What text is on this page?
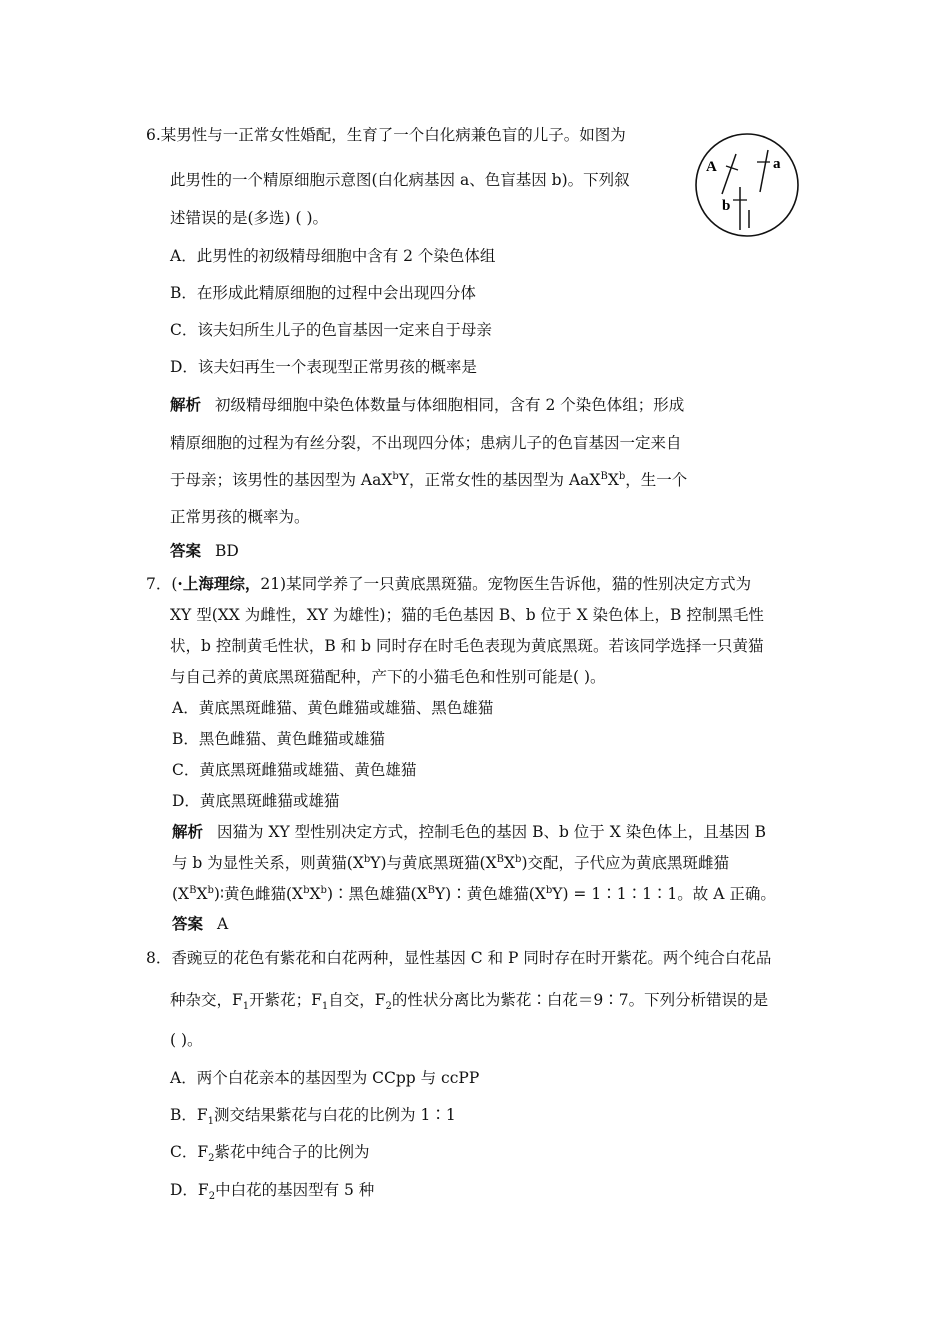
6.某男性与一正常女性婚配，生育了一个白化病兼色盲的儿子。如图为
此男性的一个精原细胞示意图(白化病基因 a、色盲基因 b)。下列叙
述错误的是(多选) ( )。
A	a
b
A．此男性的初级精母细胞中含有 2 个染色体组
B．在形成此精原细胞的过程中会出现四分体
C．该夫妇所生儿子的色盲基因一定来自于母亲
D．该夫妇再生一个表现型正常男孩的概率是
解析 初级精母细胞中染色体数量与体细胞相同，含有 2 个染色体组；形成
精原细胞的过程为有丝分裂，不出现四分体；患病儿子的色盲基因一定来自
于母亲；该男性的基因型为 AaX$^b$Y，正常女性的基因型为 $AaX^BX^b$，生一个
正常男孩的概率为。
答案 BD
7．(·上海理综，21)某同学养了一只黄底黑斑猫。宠物医生告诉他，猫的性别决定方式为
XY 型(XX 为雌性，XY 为雄性)；猫的毛色基因 B、b 位于 X 染色体上，B 控制黑毛性
状，b 控制黄毛性状，B 和 b 同时存在时毛色表现为黄底黑斑。若该同学选择一只黄猫
与自己养的黄底黑斑猫配种，产下的小猫毛色和性别可能是( )。
A．黄底黑斑雌猫、黄色雌猫或雄猫、黑色雄猫
B．黑色雌猫、黄色雌猫或雄猫
C．黄底黑斑雌猫或雄猫、黄色雄猫
D．黄底黑斑雌猫或雄猫
解析 因猫为 XY 型性别决定方式，控制毛色的基因 B、b 位于 X 染色体上，且基因 B
与 b 为显性关系，则黄猫$(X^bY)$与黄底黑斑猫$(X^BX^b)$交配，子代应为黄底黑斑雌猫
$(X^BX^b)∶$黄色雌猫$(X^bX^b)∶$黑色雄猫$(X^BY)∶$黄色雄猫$(X^bY)$ = 1∶1∶1∶1。故 A 正确。
答案 A
8．香豌豆的花色有紫花和白花两种，显性基因 C 和 P 同时存在时开紫花。两个纯合白花品
种杂交，$F_1$开紫花；$F_1$自交，$F_2$的性状分离比为紫花∶白花＝9∶7。下列分析错误的是
( )。
A．两个白花亲本的基因型为 CCpp 与 ccPP
B．$F_1$测交结果紫花与白花的比例为 1∶1
C．$F_2$紫花中纯合子的比例为
D．$F_2$中白花的基因型有 5 种
